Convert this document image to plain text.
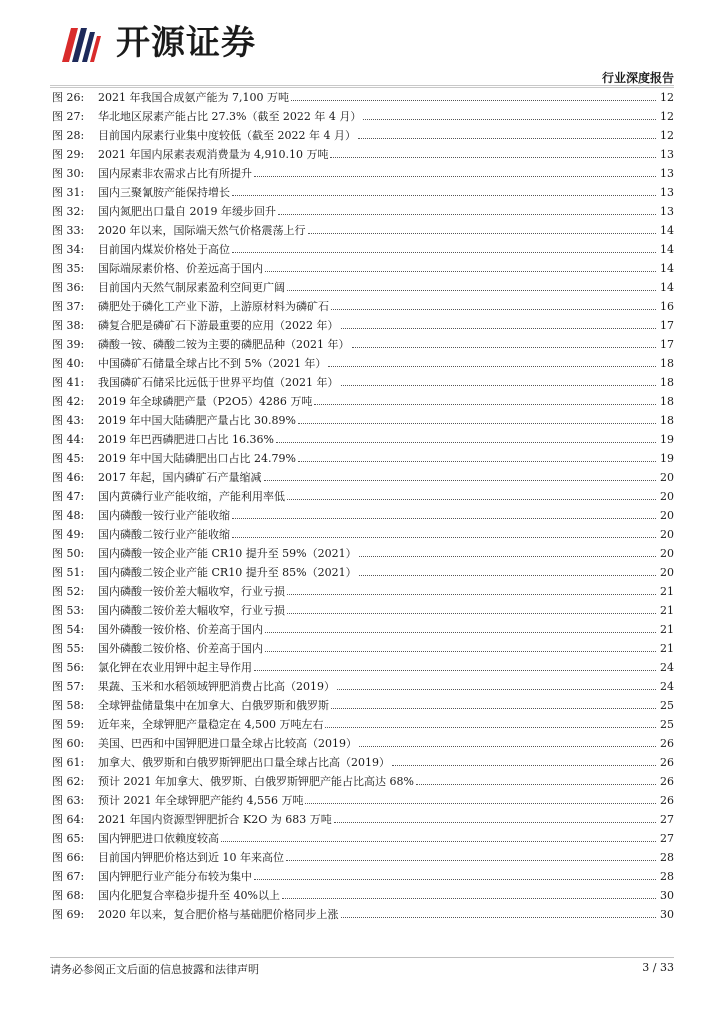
开源证券
行业深度报告
图 26:	2021 年我国合成氨产能为 7,100 万吨	12
图 27:	华北地区尿素产能占比 27.3%（截至 2022 年 4 月）	12
图 28:	目前国内尿素行业集中度较低（截至 2022 年 4 月）	12
图 29:	2021 年国内尿素表观消费量为 4,910.10 万吨	13
图 30:	国内尿素非农需求占比有所提升	13
图 31:	国内三聚氰胺产能保持增长	13
图 32:	国内氮肥出口量自 2019 年缓步回升	13
图 33:	2020 年以来，国际端天然气价格震荡上行	14
图 34:	目前国内煤炭价格处于高位	14
图 35:	国际端尿素价格、价差远高于国内	14
图 36:	目前国内天然气制尿素盈利空间更广阔	14
图 37:	磷肥处于磷化工产业下游，上游原材料为磷矿石	16
图 38:	磷复合肥是磷矿石下游最重要的应用（2022 年）	17
图 39:	磷酸一铵、磷酸二铵为主要的磷肥品种（2021 年）	17
图 40:	中国磷矿石储量全球占比不到 5%（2021 年）	18
图 41:	我国磷矿石储采比远低于世界平均值（2021 年）	18
图 42:	2019 年全球磷肥产量（P2O5）4286 万吨	18
图 43:	2019 年中国大陆磷肥产量占比 30.89%	18
图 44:	2019 年巴西磷肥进口占比 16.36%	19
图 45:	2019 年中国大陆磷肥出口占比 24.79%	19
图 46:	2017 年起，国内磷矿石产量缩减	20
图 47:	国内黄磷行业产能收缩，产能利用率低	20
图 48:	国内磷酸一铵行业产能收缩	20
图 49:	国内磷酸二铵行业产能收缩	20
图 50:	国内磷酸一铵企业产能 CR10 提升至 59%（2021）	20
图 51:	国内磷酸二铵企业产能 CR10 提升至 85%（2021）	20
图 52:	国内磷酸一铵价差大幅收窄，行业亏损	21
图 53:	国内磷酸二铵价差大幅收窄，行业亏损	21
图 54:	国外磷酸一铵价格、价差高于国内	21
图 55:	国外磷酸二铵价格、价差高于国内	21
图 56:	氯化钾在农业用钾中起主导作用	24
图 57:	果蔬、玉米和水稻领域钾肥消费占比高（2019）	24
图 58:	全球钾盐储量集中在加拿大、白俄罗斯和俄罗斯	25
图 59:	近年来，全球钾肥产量稳定在 4,500 万吨左右	25
图 60:	美国、巴西和中国钾肥进口量全球占比较高（2019）	26
图 61:	加拿大、俄罗斯和白俄罗斯钾肥出口量全球占比高（2019）	26
图 62:	预计 2021 年加拿大、俄罗斯、白俄罗斯钾肥产能占比高达 68%	26
图 63:	预计 2021 年全球钾肥产能约 4,556 万吨	26
图 64:	2021 年国内资源型钾肥折合 K2O 为 683 万吨	27
图 65:	国内钾肥进口依赖度较高	27
图 66:	目前国内钾肥价格达到近 10 年来高位	28
图 67:	国内钾肥行业产能分布较为集中	28
图 68:	国内化肥复合率稳步提升至 40%以上	30
图 69:	2020 年以来，复合肥价格与基础肥价格同步上涨	30
请务必参阅正文后面的信息披露和法律声明	3 / 33
